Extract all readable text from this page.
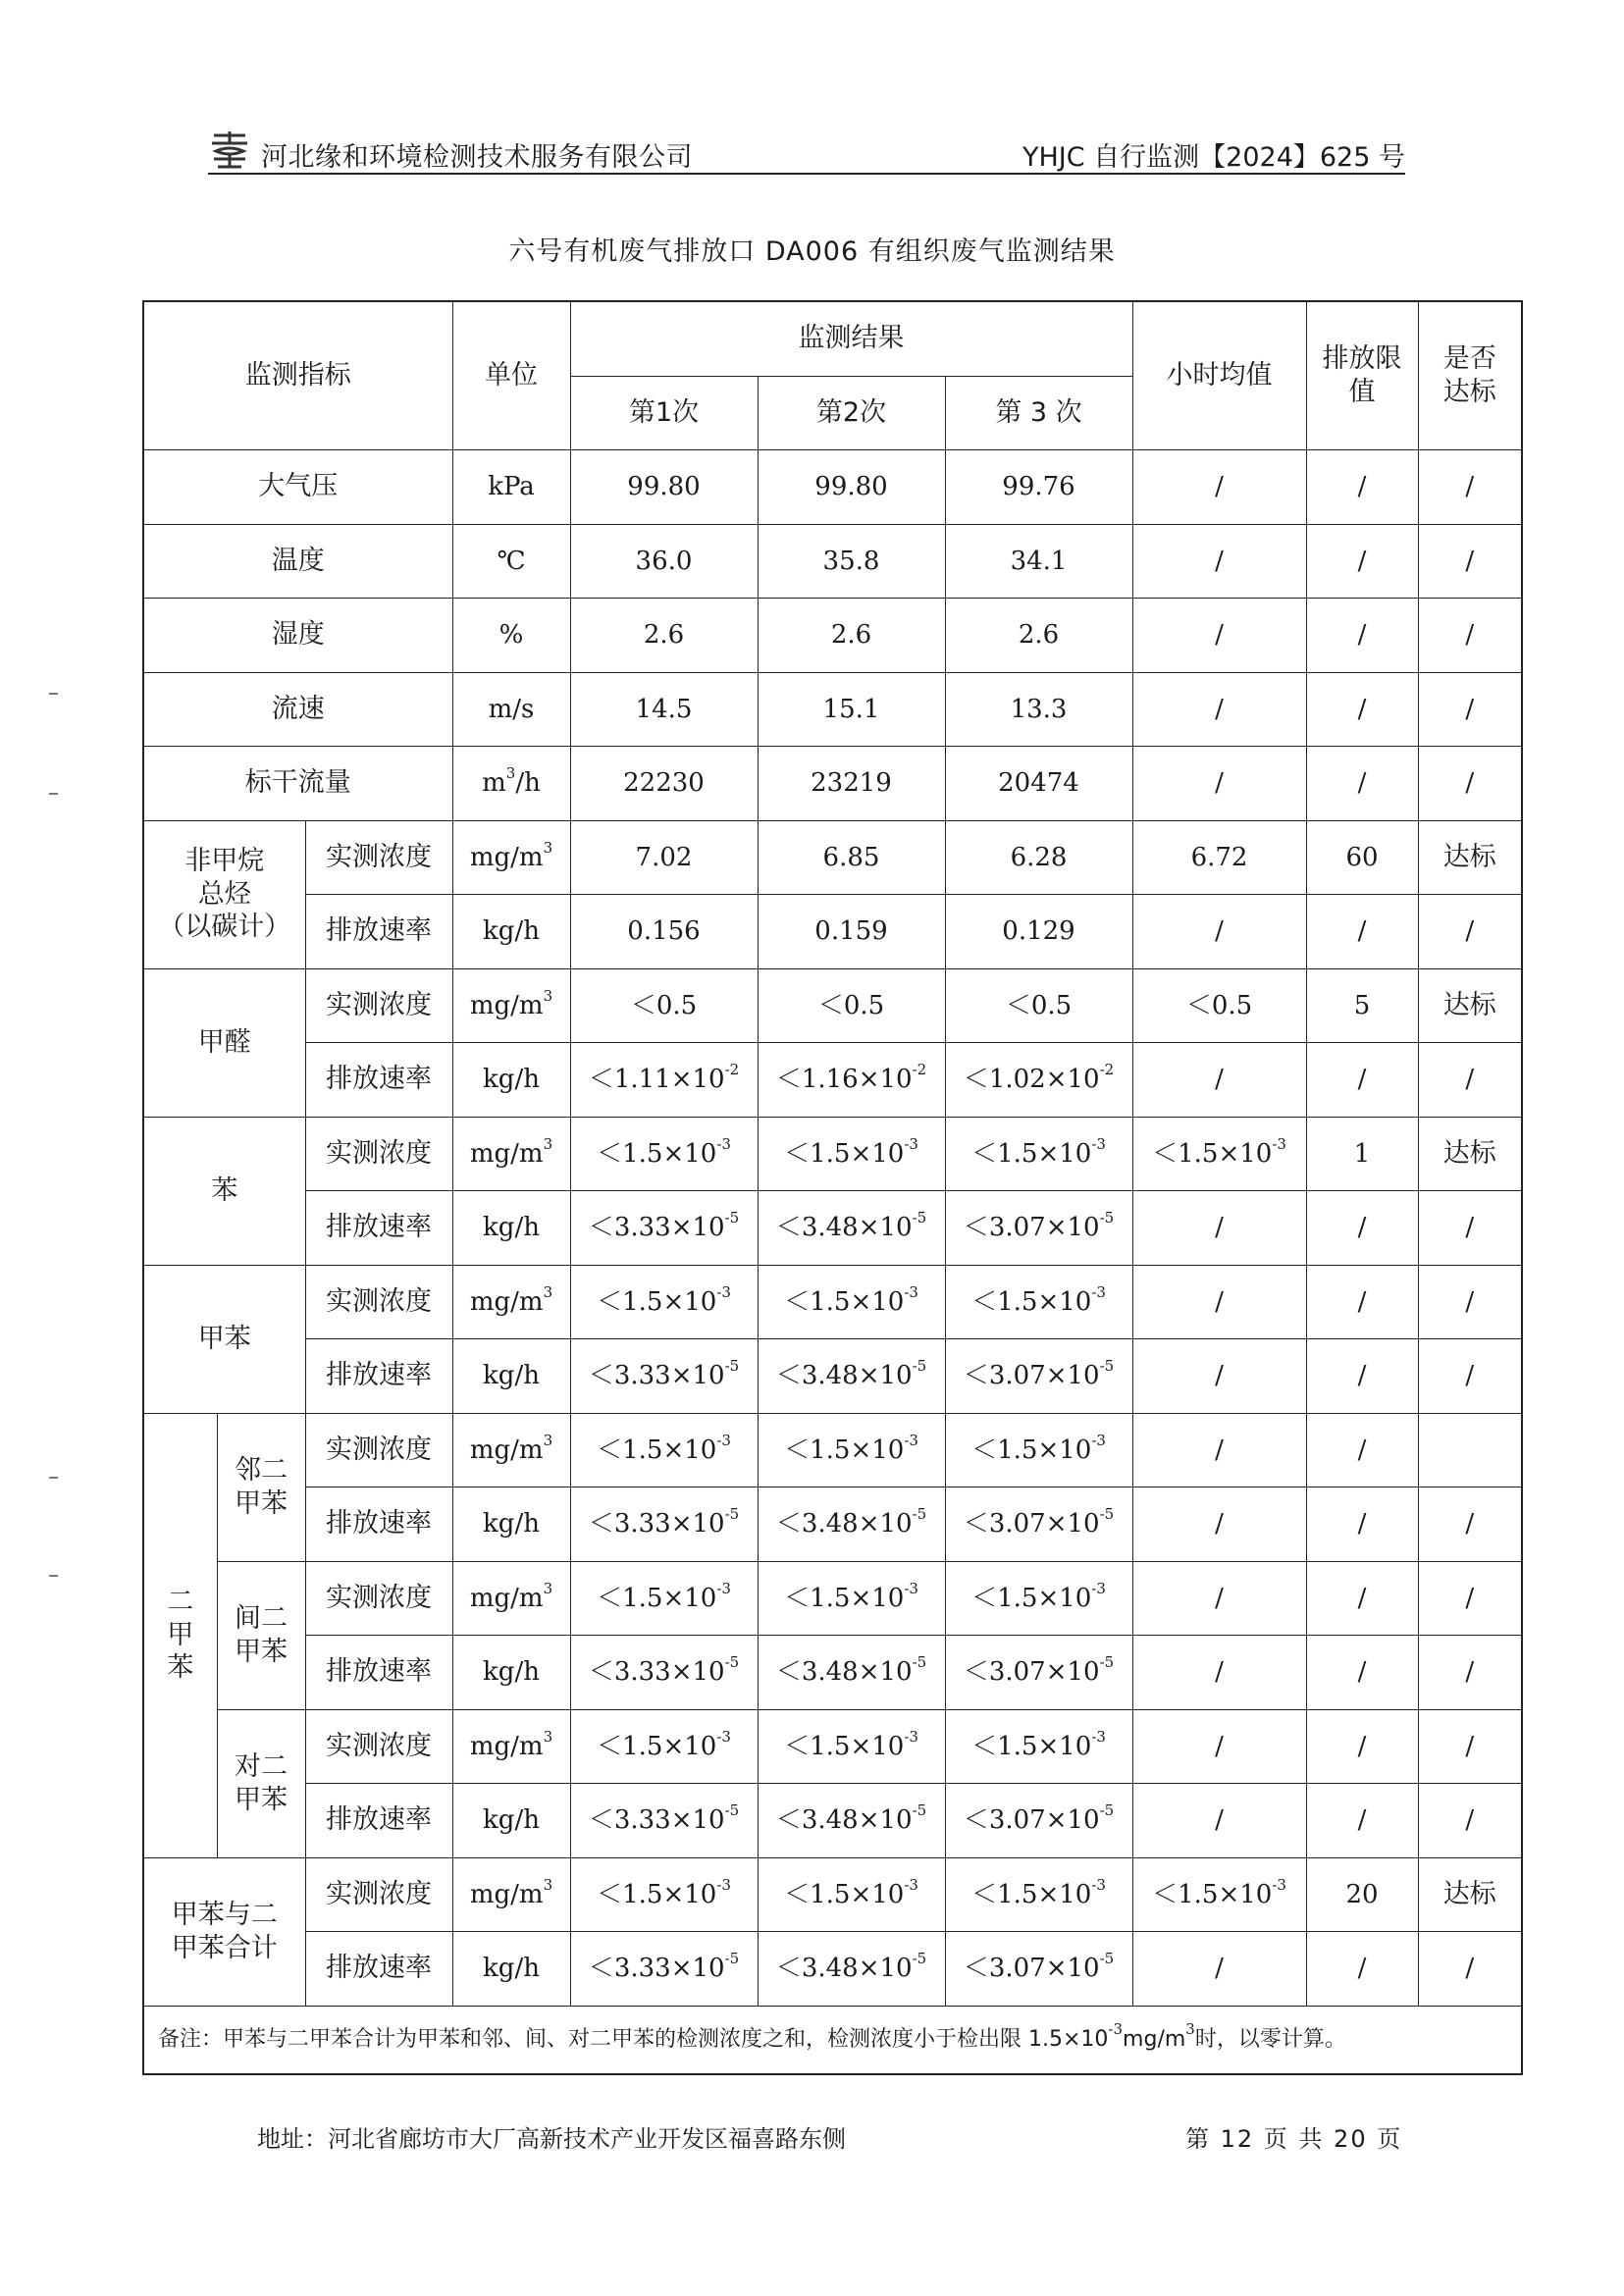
河北缘和环境检测技术服务有限公司	YHJC 自行监测【2024】625 号
六号有机废气排放口 DA006 有组织废气监测结果
监测指标			单位	监测结果			小时均值	排放限
值	是否
达标
				第1次	第2次	第 3 次			
大气压			kPa	99.80	99.80	99.76	/	/	/
温度			℃	36.0	35.8	34.1	/	/	/
湿度			%	2.6	2.6	2.6	/	/	/
流速			m/s	14.5	15.1	13.3	/	/	/
标干流量			$m^3/h$	22230	23219	20474	/	/	/
非甲烷
总烃
（以碳计）		实测浓度	$mg/m^3$	7.02	6.85	6.28	6.72	60	达标
		排放速率	kg/h	0.156	0.159	0.129	/	/	/
甲醛		实测浓度	$mg/m^3$	＜0.5	＜0.5	＜0.5	＜0.5	5	达标
		排放速率	kg/h	$<1.11\times 10^{-2}$	$<1.16\times 10^{-2}$	$<1.02\times 10^{-2}$	/	/	/
苯		实测浓度	$mg/m^3$	$<1.5\times 10^{-3}$	$<1.5\times 10^{-3}$	$<1.5\times 10^{-3}$	$<1.5\times 10^{-3}$	1	达标
		排放速率	kg/h	$<3.33\times 10^{-5}$	$<3.48\times 10^{-5}$	$<3.07\times 10^{-5}$	/	/	/
甲苯		实测浓度	$mg/m^3$	$<1.5\times 10^{-3}$	$<1.5\times 10^{-3}$	$<1.5\times 10^{-3}$	/	/	/
		排放速率	kg/h	$<3.33\times 10^{-5}$	$<3.48\times 10^{-5}$	$<3.07\times 10^{-5}$	/	/	/
二
甲
苯	邻二
甲苯	实测浓度	$mg/m^3$	$<1.5\times 10^{-3}$	$<1.5\times 10^{-3}$	$<1.5\times 10^{-3}$	/	/	
		排放速率	kg/h	$<3.33\times 10^{-5}$	$<3.48\times 10^{-5}$	$<3.07\times 10^{-5}$	/	/	/
	间二
甲苯	实测浓度	$mg/m^3$	$<1.5\times 10^{-3}$	$<1.5\times 10^{-3}$	$<1.5\times 10^{-3}$	/	/	/
		排放速率	kg/h	$<3.33\times 10^{-5}$	$<3.48\times 10^{-5}$	$<3.07\times 10^{-5}$	/	/	/
	对二
甲苯	实测浓度	$mg/m^3$	$<1.5\times 10^{-3}$	$<1.5\times 10^{-3}$	$<1.5\times 10^{-3}$	/	/	/
		排放速率	kg/h	$<3.33\times 10^{-5}$	$<3.48\times 10^{-5}$	$<3.07\times 10^{-5}$	/	/	/
甲苯与二
甲苯合计		实测浓度	$mg/m^3$	$<1.5\times 10^{-3}$	$<1.5\times 10^{-3}$	$<1.5\times 10^{-3}$	$<1.5\times 10^{-3}$	20	达标
		排放速率	kg/h	$<3.33\times 10^{-5}$	$<3.48\times 10^{-5}$	$<3.07\times 10^{-5}$	/	/	/
备注：甲苯与二甲苯合计为甲苯和邻、间、对二甲苯的检测浓度之和，检测浓度小于检出限 $1.5\times 10^{-3}mg/m^3$时，以零计算。									
地址：河北省廊坊市大厂高新技术产业开发区福喜路东侧	第 12 页 共 20 页
